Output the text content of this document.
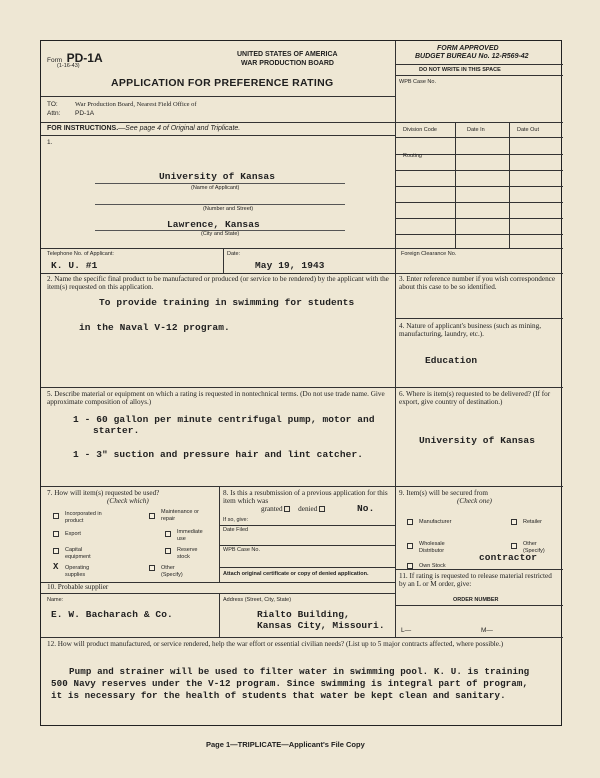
Form PD-1A
(1-16-43)
UNITED STATES OF AMERICA
WAR PRODUCTION BOARD
APPLICATION FOR PREFERENCE RATING
FORM APPROVED
BUDGET BUREAU No. 12-R569-42
DO NOT WRITE IN THIS SPACE
WPB Case No.
TO:	War Production Board, Nearest Field Office of
Attn: PD-1A
FOR INSTRUCTIONS.—See page 4 of Original and Triplicate.	Division Code	Date In	Date Out
Routing
1.
University of Kansas
(Name of Applicant)
(Number and Street)
Lawrence, Kansas
(City and State)
Telephone No. of Applicant:
K. U. #1
Date:
May 19, 1943
Foreign Clearance No.
2. Name the specific final product to be manufactured or produced (or service to be rendered) by the applicant with the item(s) requested on this application.
To provide training in swimming for students
in the Naval V-12 program.
3. Enter reference number if you wish correspondence about this case to be so identified.
4. Nature of applicant's business (such as mining, manufacturing, laundry, etc.).
Education
5. Describe material or equipment on which a rating is requested in nontechnical terms. (Do not use trade name. Give approximate composition of alloys.)
1 - 60 gallon per minute centrifugal pump, motor and
starter.
1 - 3" suction and pressure hair and lint catcher.
6. Where is item(s) requested to be delivered? (If for export, give country of destination.)
University of Kansas
7. How will item(s) requested be used?
(Check which)
Incorporated in product
Maintenance or repair
Export	Immediate use
Capital equipment
Reserve stock
X Operating supplies
Other (Specify)
8. Is this a resubmission of a previous application for this item which was
granted denied	No.
If so, give:
Date Filed
WPB Case No.
Attach original certificate or copy of denied application.
9. Item(s) will be secured from
(Check one)
Manufacturer	Retailer
Wholesale Distributor
Other (Specify)
contractor
Own Stock
10. Probable supplier
Name:
E. W. Bacharach & Co.
Address (Street, City, State)
Rialto Building,
Kansas City, Missouri.
11. If rating is requested to release material restricted by an L or M order, give:
ORDER NUMBER
L—	M—
12. How will product manufactured, or service rendered, help the war effort or essential civilian needs? (List up to 5 major contracts affected, where possible.)
Pump and strainer will be used to filter water in swimming pool. K. U. is training
500 Navy reserves under the V-12 program. Since swimming is integral part of program,
it is necessary for the health of students that water be kept clean and sanitary.
Page 1—TRIPLICATE—Applicant's File Copy
